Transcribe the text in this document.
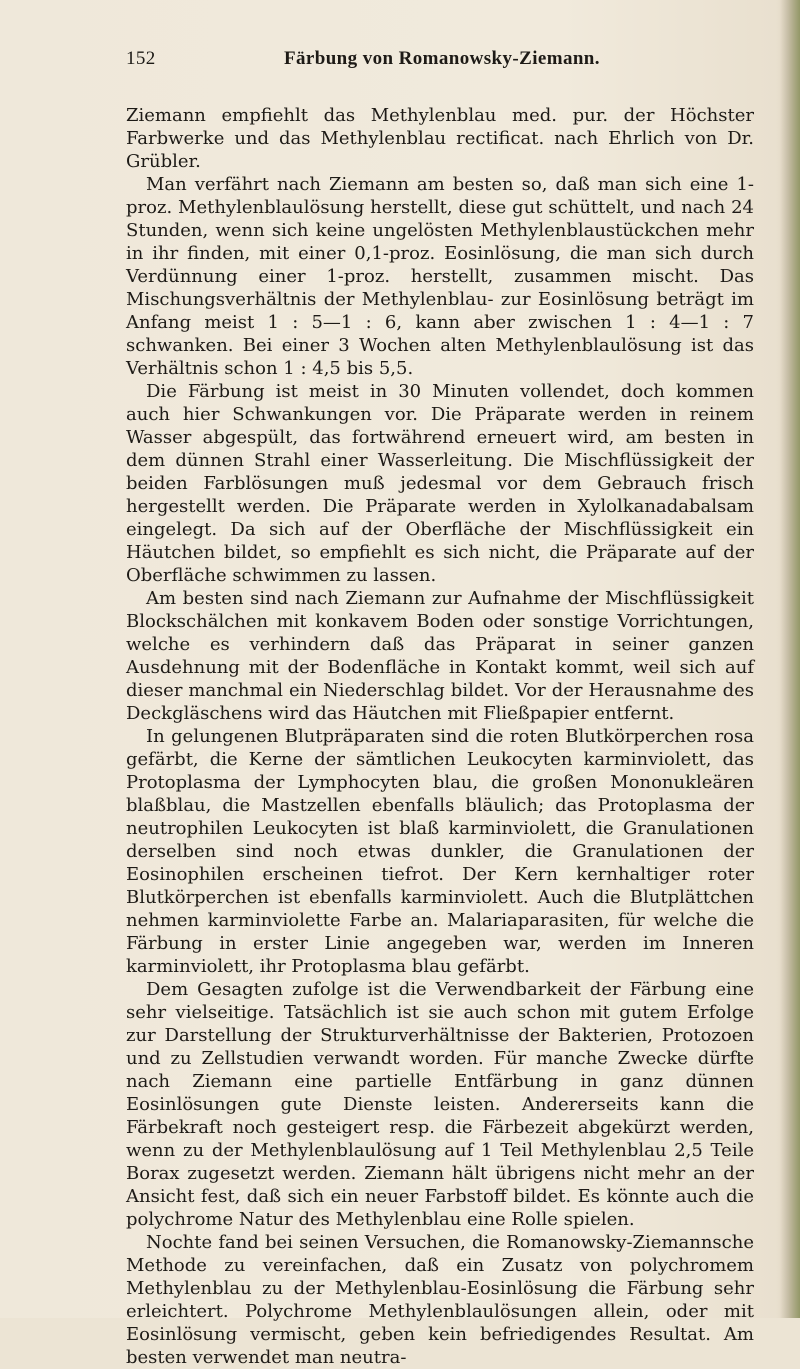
152	Färbung von Romanowsky-Ziemann.

Ziemann empfiehlt das Methylenblau med. pur. der Höchster Farbwerke und das Methylenblau rectificat. nach Ehrlich von Dr. Grübler.

Man verfährt nach Ziemann am besten so, daß man sich eine 1-proz. Methylenblaulösung herstellt, diese gut schüttelt, und nach 24 Stunden, wenn sich keine ungelösten Methylenblaustückchen mehr in ihr finden, mit einer 0,1-proz. Eosinlösung, die man sich durch Verdünnung einer 1-proz. herstellt, zusammen mischt. Das Mischungsverhältnis der Methylenblau- zur Eosinlösung beträgt im Anfang meist 1 : 5—1 : 6, kann aber zwischen 1 : 4—1 : 7 schwanken. Bei einer 3 Wochen alten Methylenblaulösung ist das Verhältnis schon 1 : 4,5 bis 5,5.

Die Färbung ist meist in 30 Minuten vollendet, doch kommen auch hier Schwankungen vor. Die Präparate werden in reinem Wasser abgespült, das fortwährend erneuert wird, am besten in dem dünnen Strahl einer Wasserleitung. Die Mischflüssigkeit der beiden Farblösungen muß jedesmal vor dem Gebrauch frisch hergestellt werden. Die Präparate werden in Xylolkanadabalsam eingelegt. Da sich auf der Oberfläche der Mischflüssigkeit ein Häutchen bildet, so empfiehlt es sich nicht, die Präparate auf der Oberfläche schwimmen zu lassen.

Am besten sind nach Ziemann zur Aufnahme der Mischflüssigkeit Blockschälchen mit konkavem Boden oder sonstige Vorrichtungen, welche es verhindern daß das Präparat in seiner ganzen Ausdehnung mit der Bodenfläche in Kontakt kommt, weil sich auf dieser manchmal ein Niederschlag bildet. Vor der Herausnahme des Deckgläschens wird das Häutchen mit Fließpapier entfernt.

In gelungenen Blutpräparaten sind die roten Blutkörperchen rosa gefärbt, die Kerne der sämtlichen Leukocyten karminviolett, das Protoplasma der Lymphocyten blau, die großen Mononukleären blaßblau, die Mastzellen ebenfalls bläulich; das Protoplasma der neutrophilen Leukocyten ist blaß karminviolett, die Granulationen derselben sind noch etwas dunkler, die Granulationen der Eosinophilen erscheinen tiefrot. Der Kern kernhaltiger roter Blutkörperchen ist ebenfalls karminviolett. Auch die Blutplättchen nehmen karminviolette Farbe an. Malariaparasiten, für welche die Färbung in erster Linie angegeben war, werden im Inneren karminviolett, ihr Protoplasma blau gefärbt.

Dem Gesagten zufolge ist die Verwendbarkeit der Färbung eine sehr vielseitige. Tatsächlich ist sie auch schon mit gutem Erfolge zur Darstellung der Strukturverhältnisse der Bakterien, Protozoen und zu Zellstudien verwandt worden. Für manche Zwecke dürfte nach Ziemann eine partielle Entfärbung in ganz dünnen Eosinlösungen gute Dienste leisten. Andererseits kann die Färbekraft noch gesteigert resp. die Färbezeit abgekürzt werden, wenn zu der Methylenblaulösung auf 1 Teil Methylenblau 2,5 Teile Borax zugesetzt werden. Ziemann hält übrigens nicht mehr an der Ansicht fest, daß sich ein neuer Farbstoff bildet. Es könnte auch die polychrome Natur des Methylenblau eine Rolle spielen.

Nochte fand bei seinen Versuchen, die Romanowsky-Ziemannsche Methode zu vereinfachen, daß ein Zusatz von polychromem Methylenblau zu der Methylenblau-Eosinlösung die Färbung sehr erleichtert. Polychrome Methylenblaulösungen allein, oder mit Eosinlösung vermischt, geben kein befriedigendes Resultat. Am besten verwendet man neutra-
